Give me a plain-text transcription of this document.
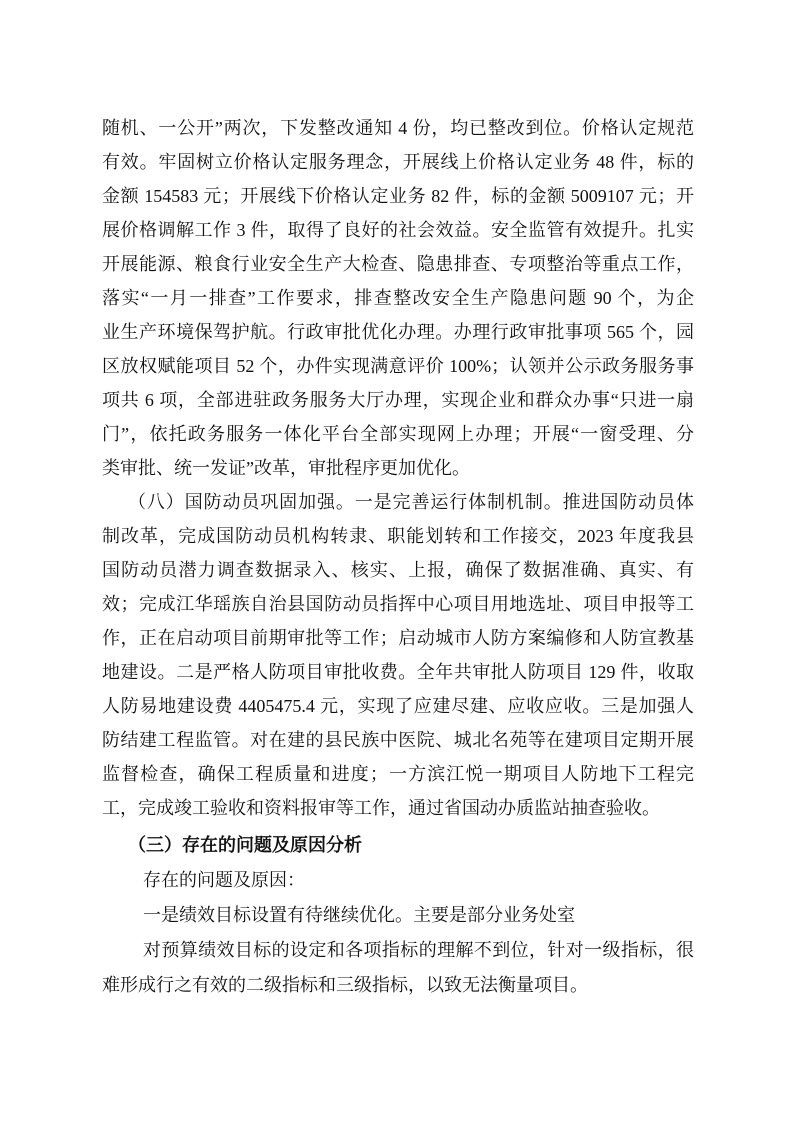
随机、一公开”两次，下发整改通知 4 份，均已整改到位。价格认定规范
有效。牢固树立价格认定服务理念，开展线上价格认定业务 48 件，标的
金额 154583 元；开展线下价格认定业务 82 件，标的金额 5009107 元；开
展价格调解工作 3 件，取得了良好的社会效益。安全监管有效提升。扎实
开展能源、粮食行业安全生产大检查、隐患排查、专项整治等重点工作，
落实“一月一排查”工作要求，排查整改安全生产隐患问题 90 个，为企
业生产环境保驾护航。行政审批优化办理。办理行政审批事项 565 个，园
区放权赋能项目 52 个，办件实现满意评价 100%；认领并公示政务服务事
项共 6 项，全部进驻政务服务大厅办理，实现企业和群众办事“只进一扇
门”，依托政务服务一体化平台全部实现网上办理；开展“一窗受理、分
类审批、统一发证”改革，审批程序更加优化。
（八）国防动员巩固加强。一是完善运行体制机制。推进国防动员体
制改革，完成国防动员机构转隶、职能划转和工作接交，2023 年度我县
国防动员潜力调查数据录入、核实、上报，确保了数据准确、真实、有
效；完成江华瑶族自治县国防动员指挥中心项目用地选址、项目申报等工
作，正在启动项目前期审批等工作；启动城市人防方案编修和人防宣教基
地建设。二是严格人防项目审批收费。全年共审批人防项目 129 件，收取
人防易地建设费 4405475.4 元，实现了应建尽建、应收应收。三是加强人
防结建工程监管。对在建的县民族中医院、城北名苑等在建项目定期开展
监督检查，确保工程质量和进度；一方滨江悦一期项目人防地下工程完
工，完成竣工验收和资料报审等工作，通过省国动办质监站抽查验收。
（三）存在的问题及原因分析
存在的问题及原因：
一是绩效目标设置有待继续优化。主要是部分业务处室
对预算绩效目标的设定和各项指标的理解不到位，针对一级指标，很
难形成行之有效的二级指标和三级指标，以致无法衡量项目。
